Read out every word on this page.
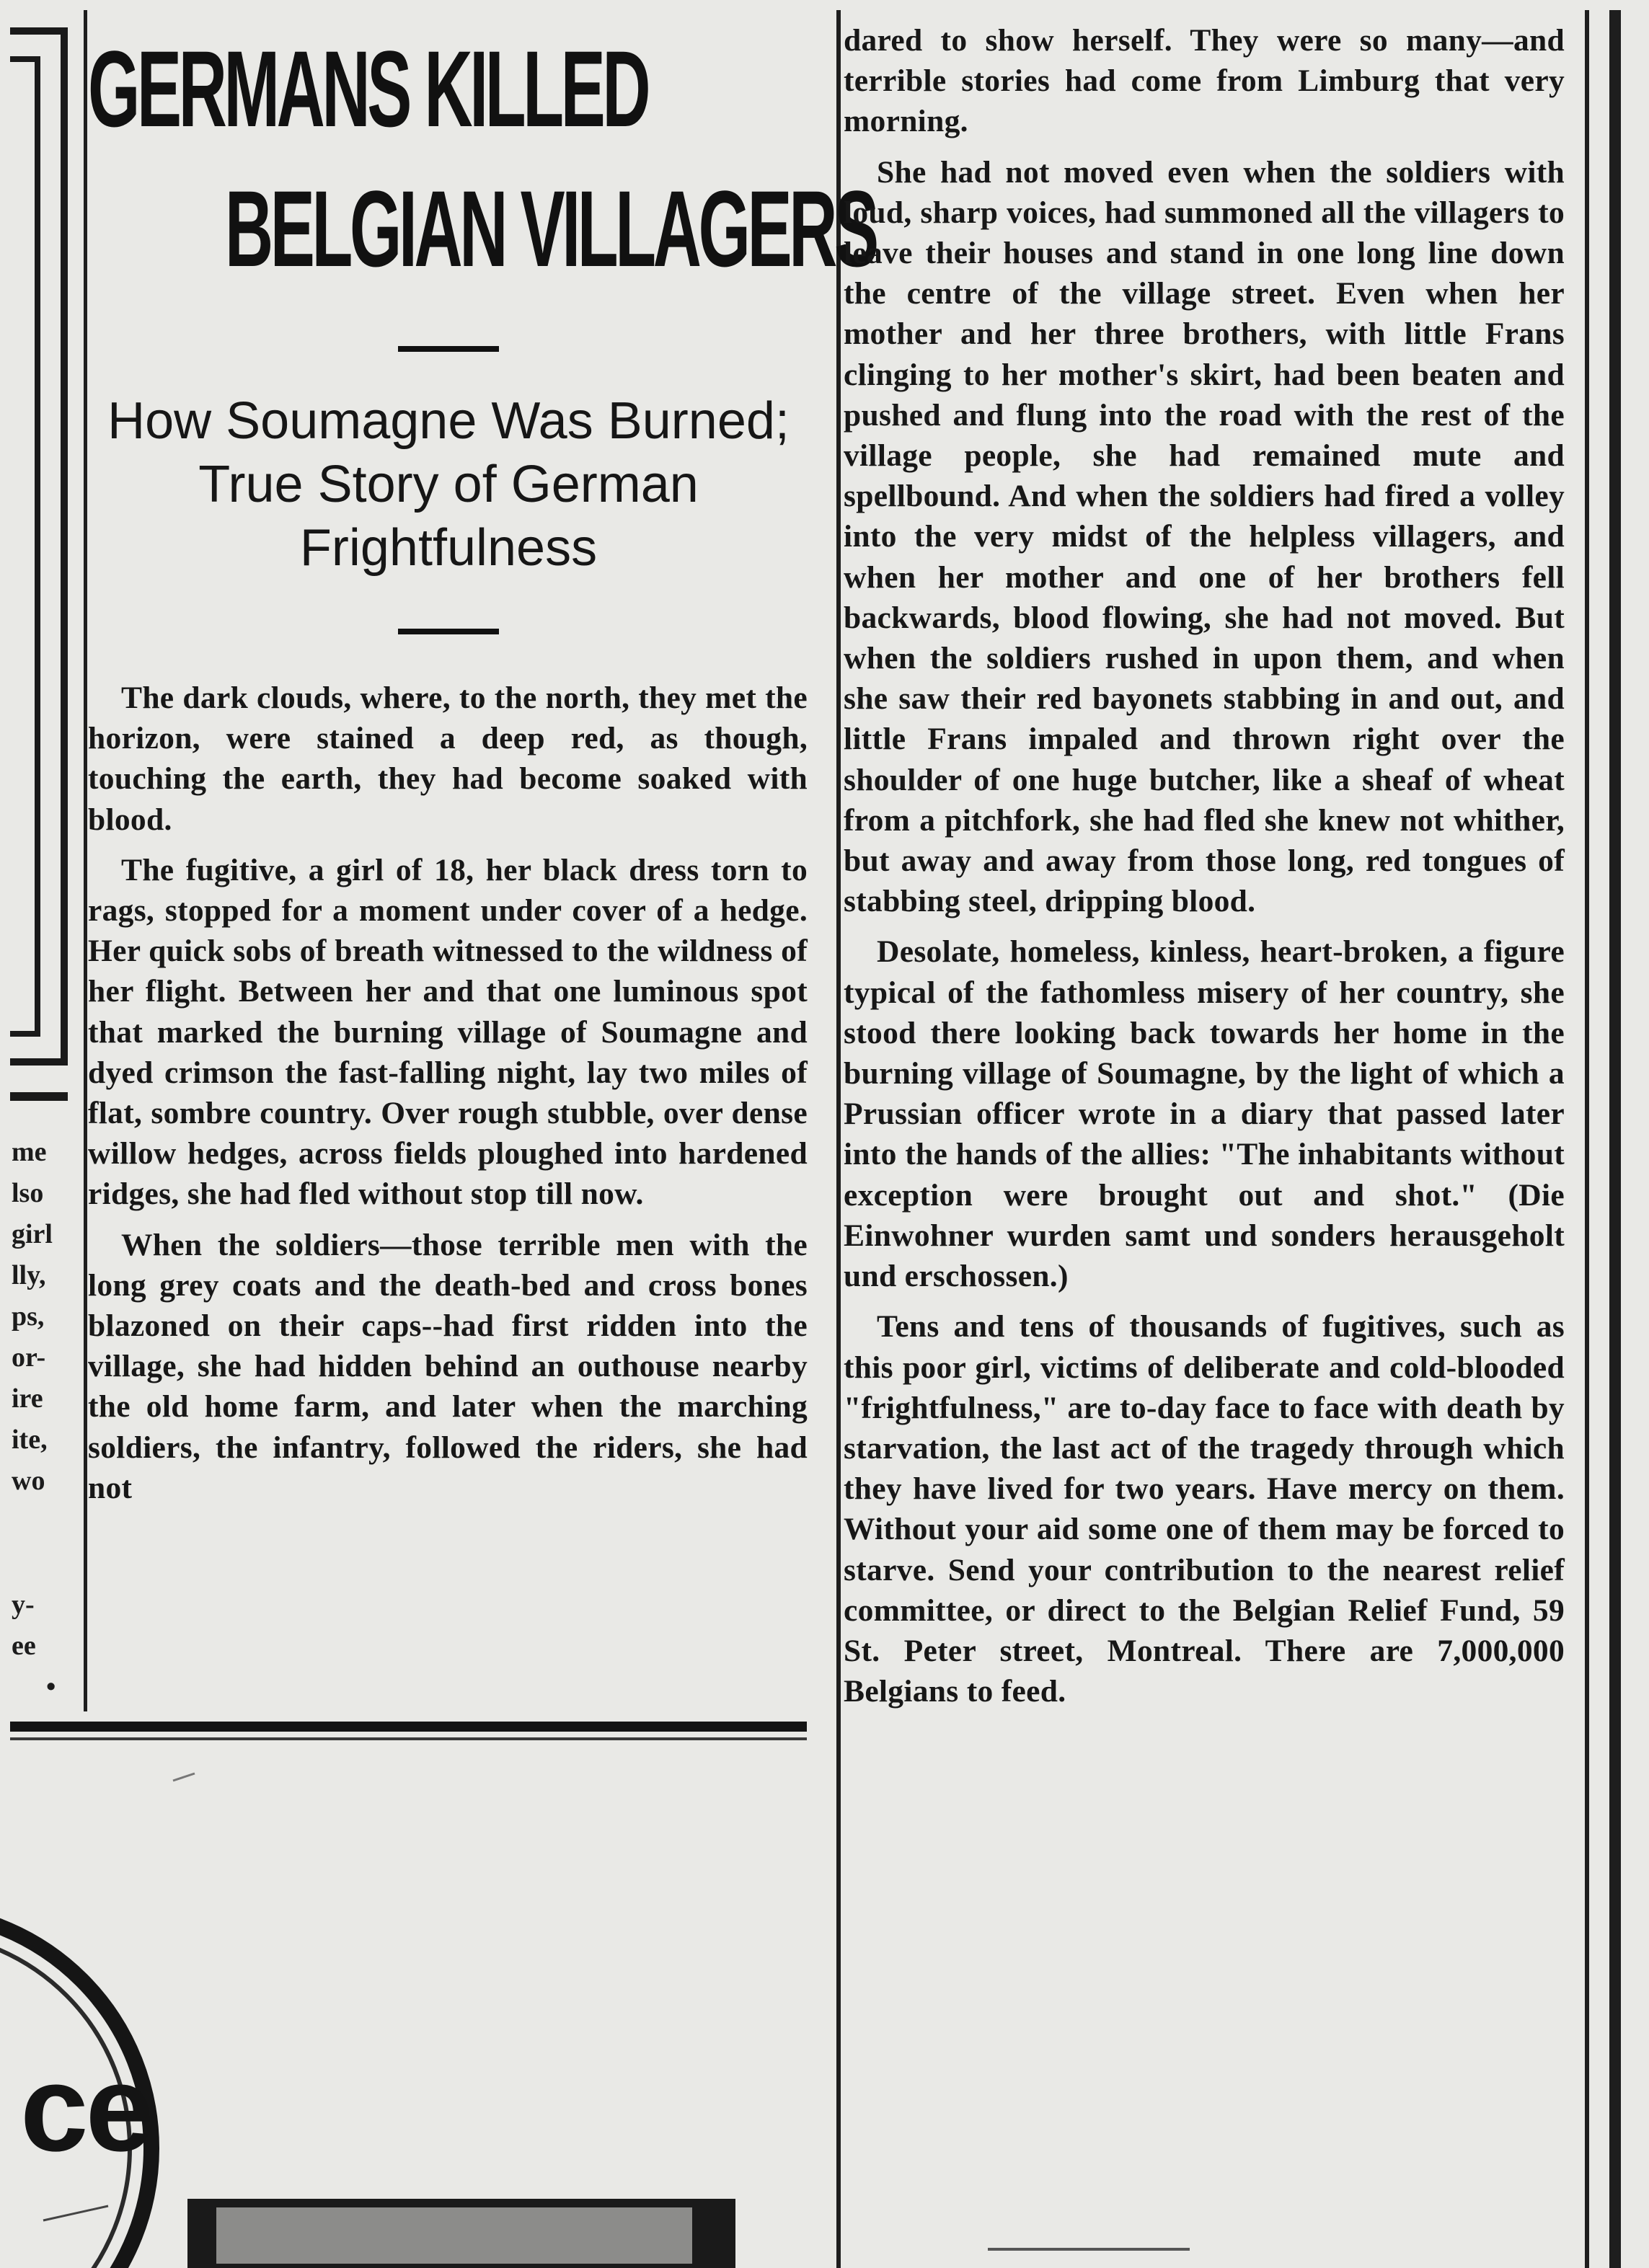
me
lso
girl
lly,
ps,
or-
ire
ite,
wo
y-
ee
•
GERMANS KILLED
BELGIAN VILLAGERS
How Soumagne Was Burned;
True Story of German
Frightfulness

The dark clouds, where, to the north, they met the horizon, were stained a deep red, as though, touching the earth, they had become soaked with blood.

The fugitive, a girl of 18, her black dress torn to rags, stopped for a moment under cover of a hedge. Her quick sobs of breath witnessed to the wildness of her flight. Between her and that one luminous spot that marked the burning village of Soumagne and dyed crimson the fast-falling night, lay two miles of flat, sombre country. Over rough stubble, over dense willow hedges, across fields ploughed into hardened ridges, she had fled without stop till now.

When the soldiers—those terrible men with the long grey coats and the death-bed and cross bones blazoned on their caps--had first ridden into the village, she had hidden behind an outhouse nearby the old home farm, and later when the marching soldiers, the infantry, followed the riders, she had not

dared to show herself. They were so many—and terrible stories had come from Limburg that very morning.

She had not moved even when the soldiers with loud, sharp voices, had summoned all the villagers to leave their houses and stand in one long line down the centre of the village street. Even when her mother and her three brothers, with little Frans clinging to her mother's skirt, had been beaten and pushed and flung into the road with the rest of the village people, she had remained mute and spellbound. And when the soldiers had fired a volley into the very midst of the helpless villagers, and when her mother and one of her brothers fell backwards, blood flowing, she had not moved. But when the soldiers rushed in upon them, and when she saw their red bayonets stabbing in and out, and little Frans impaled and thrown right over the shoulder of one huge butcher, like a sheaf of wheat from a pitchfork, she had fled she knew not whither, but away and away from those long, red tongues of stabbing steel, dripping blood.

Desolate, homeless, kinless, heart-broken, a figure typical of the fathomless misery of her country, she stood there looking back towards her home in the burning village of Soumagne, by the light of which a Prussian officer wrote in a diary that passed later into the hands of the allies: "The inhabitants without exception were brought out and shot." (Die Einwohner wurden samt und sonders herausgeholt und erschossen.)

Tens and tens of thousands of fugitives, such as this poor girl, victims of deliberate and cold-blooded "frightfulness," are to-day face to face with death by starvation, the last act of the tragedy through which they have lived for two years. Have mercy on them. Without your aid some one of them may be forced to starve. Send your contribution to the nearest relief committee, or direct to the Belgian Relief Fund, 59 St. Peter street, Montreal. There are 7,000,000 Belgians to feed.

ce
